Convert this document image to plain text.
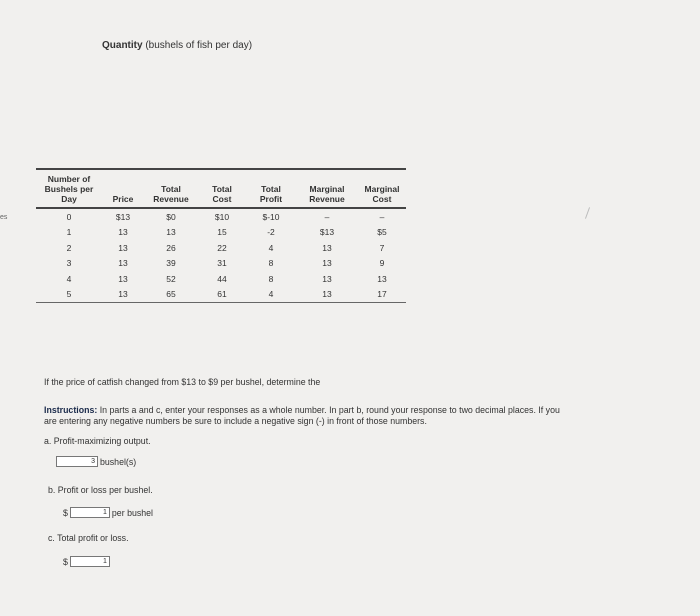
Quantity (bushels of fish per day)
es
Number of Bushels per Day	Price	Total Revenue	Total Cost	Total Profit	Marginal Revenue	Marginal Cost
0	$13	$0	$10	$-10	–	–
1	13	13	15	-2	$13	$5
2	13	26	22	4	13	7
3	13	39	31	8	13	9
4	13	52	44	8	13	13
5	13	65	61	4	13	17
If the price of catfish changed from $13 to $9 per bushel, determine the
Instructions: In parts a and c, enter your responses as a whole number. In part b, round your response to two decimal places. If you
are entering any negative numbers be sure to include a negative sign (-) in front of those numbers.
a. Profit-maximizing output.
3 bushel(s)
b. Profit or loss per bushel.
$	1 per bushel
c. Total profit or loss.
$	1
